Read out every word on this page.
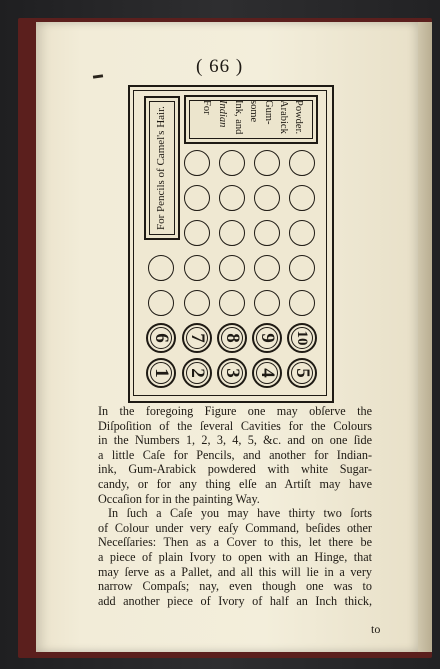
( 66 )
For Pencils of Camel's Hair.	For Indian Ink, and some Gum- Arabick Powder.
6 7 8 9	10
1 2 3 4 5
In the foregoing Figure one may obſerve the
Diſpoſition of the ſeveral Cavities for the Colours
in the Numbers 1, 2, 3, 4, 5, &c. and on one ſide
a little Caſe for Pencils, and another for Indian-
ink, Gum-Arabick powdered with white Sugar-
candy, or for any thing elſe an Artiſt may have
Occaſion for in the painting Way.
In ſuch a Caſe you may have thirty two ſorts
of Colour under very eaſy Command, beſides other
Neceſſaries: Then as a Cover to this, let there be
a piece of plain Ivory to open with an Hinge, that
may ſerve as a Pallet, and all this will lie in a very
narrow Compaſs; nay, even though one was to
add another piece of Ivory of half an Inch thick,
to
